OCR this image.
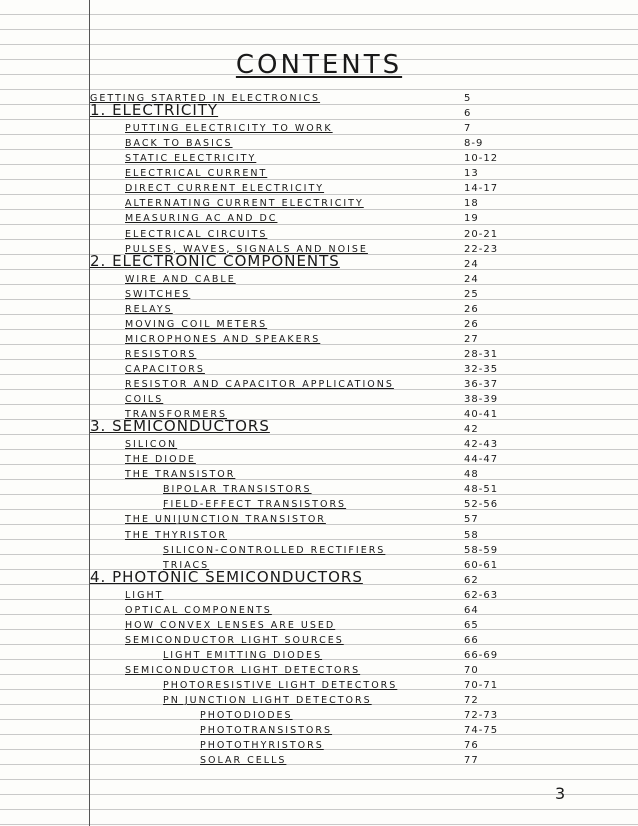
CONTENTS
GETTING STARTED IN ELECTRONICS	5
1. ELECTRICITY	6
PUTTING ELECTRICITY TO WORK	7
BACK TO BASICS	8-9
STATIC ELECTRICITY	10-12
ELECTRICAL CURRENT	13
DIRECT CURRENT ELECTRICITY	14-17
ALTERNATING CURRENT ELECTRICITY	18
MEASURING AC AND DC	19
ELECTRICAL CIRCUITS	20-21
PULSES, WAVES, SIGNALS AND NOISE	22-23
2. ELECTRONIC COMPONENTS	24
WIRE AND CABLE	24
SWITCHES	25
RELAYS	26
MOVING COIL METERS	26
MICROPHONES AND SPEAKERS	27
RESISTORS	28-31
CAPACITORS	32-35
RESISTOR AND CAPACITOR APPLICATIONS	36-37
COILS	38-39
TRANSFORMERS	40-41
3. SEMICONDUCTORS	42
SILICON	42-43
THE DIODE	44-47
THE TRANSISTOR	48
BIPOLAR TRANSISTORS	48-51
FIELD-EFFECT TRANSISTORS	52-56
THE UNIJUNCTION TRANSISTOR	57
THE THYRISTOR	58
SILICON-CONTROLLED RECTIFIERS	58-59
TRIACS	60-61
4. PHOTONIC SEMICONDUCTORS	62
LIGHT	62-63
OPTICAL COMPONENTS	64
HOW CONVEX LENSES ARE USED	65
SEMICONDUCTOR LIGHT SOURCES	66
LIGHT EMITTING DIODES	66-69
SEMICONDUCTOR LIGHT DETECTORS	70
PHOTORESISTIVE LIGHT DETECTORS	70-71
PN JUNCTION LIGHT DETECTORS	72
PHOTODIODES	72-73
PHOTOTRANSISTORS	74-75
PHOTOTHYRISTORS	76
SOLAR CELLS	77
3
